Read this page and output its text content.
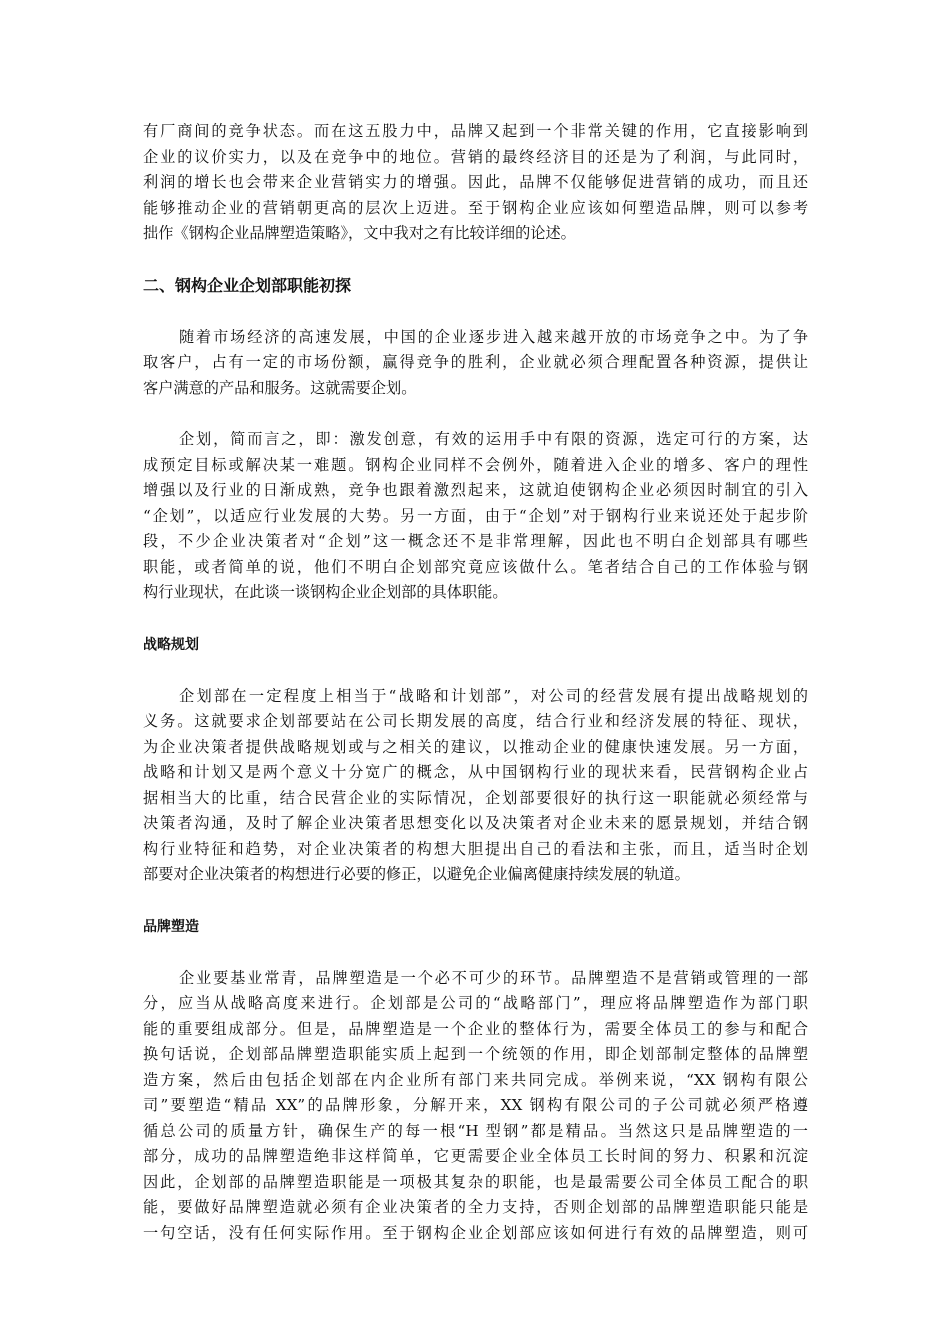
有厂商间的竞争状态。而在这五股力中，品牌又起到一个非常关键的作用，它直接影响到
企业的议价实力，以及在竞争中的地位。营销的最终经济目的还是为了利润，与此同时，
利润的增长也会带来企业营销实力的增强。因此，品牌不仅能够促进营销的成功，而且还
能够推动企业的营销朝更高的层次上迈进。至于钢构企业应该如何塑造品牌，则可以参考
拙作《钢构企业品牌塑造策略》，文中我对之有比较详细的论述。
二、钢构企业企划部职能初探
随着市场经济的高速发展，中国的企业逐步进入越来越开放的市场竞争之中。为了争
取客户，占有一定的市场份额，赢得竞争的胜利，企业就必须合理配置各种资源，提供让
客户满意的产品和服务。这就需要企划。
企划，简而言之，即：激发创意，有效的运用手中有限的资源，选定可行的方案，达
成预定目标或解决某一难题。钢构企业同样不会例外，随着进入企业的增多、客户的理性
增强以及行业的日渐成熟，竞争也跟着激烈起来，这就迫使钢构企业必须因时制宜的引入
“企划”，以适应行业发展的大势。另一方面，由于“企划”对于钢构行业来说还处于起步阶
段，不少企业决策者对“企划”这一概念还不是非常理解，因此也不明白企划部具有哪些
职能，或者简单的说，他们不明白企划部究竟应该做什么。笔者结合自己的工作体验与钢
构行业现状，在此谈一谈钢构企业企划部的具体职能。
战略规划
企划部在一定程度上相当于“战略和计划部”，对公司的经营发展有提出战略规划的
义务。这就要求企划部要站在公司长期发展的高度，结合行业和经济发展的特征、现状，
为企业决策者提供战略规划或与之相关的建议，以推动企业的健康快速发展。另一方面，
战略和计划又是两个意义十分宽广的概念，从中国钢构行业的现状来看，民营钢构企业占
据相当大的比重，结合民营企业的实际情况，企划部要很好的执行这一职能就必须经常与
决策者沟通，及时了解企业决策者思想变化以及决策者对企业未来的愿景规划，并结合钢
构行业特征和趋势，对企业决策者的构想大胆提出自己的看法和主张，而且，适当时企划
部要对企业决策者的构想进行必要的修正，以避免企业偏离健康持续发展的轨道。
品牌塑造
企业要基业常青，品牌塑造是一个必不可少的环节。品牌塑造不是营销或管理的一部
分，应当从战略高度来进行。企划部是公司的“战略部门”，理应将品牌塑造作为部门职
能的重要组成部分。但是，品牌塑造是一个企业的整体行为，需要全体员工的参与和配合
换句话说，企划部品牌塑造职能实质上起到一个统领的作用，即企划部制定整体的品牌塑
造方案，然后由包括企划部在内企业所有部门来共同完成。举例来说，“XX 钢构有限公
司”要塑造“精品 XX”的品牌形象，分解开来，XX 钢构有限公司的子公司就必须严格遵
循总公司的质量方针，确保生产的每一根“H 型钢”都是精品。当然这只是品牌塑造的一
部分，成功的品牌塑造绝非这样简单，它更需要企业全体员工长时间的努力、积累和沉淀
因此，企划部的品牌塑造职能是一项极其复杂的职能，也是最需要公司全体员工配合的职
能，要做好品牌塑造就必须有企业决策者的全力支持，否则企划部的品牌塑造职能只能是
一句空话，没有任何实际作用。至于钢构企业企划部应该如何进行有效的品牌塑造，则可
